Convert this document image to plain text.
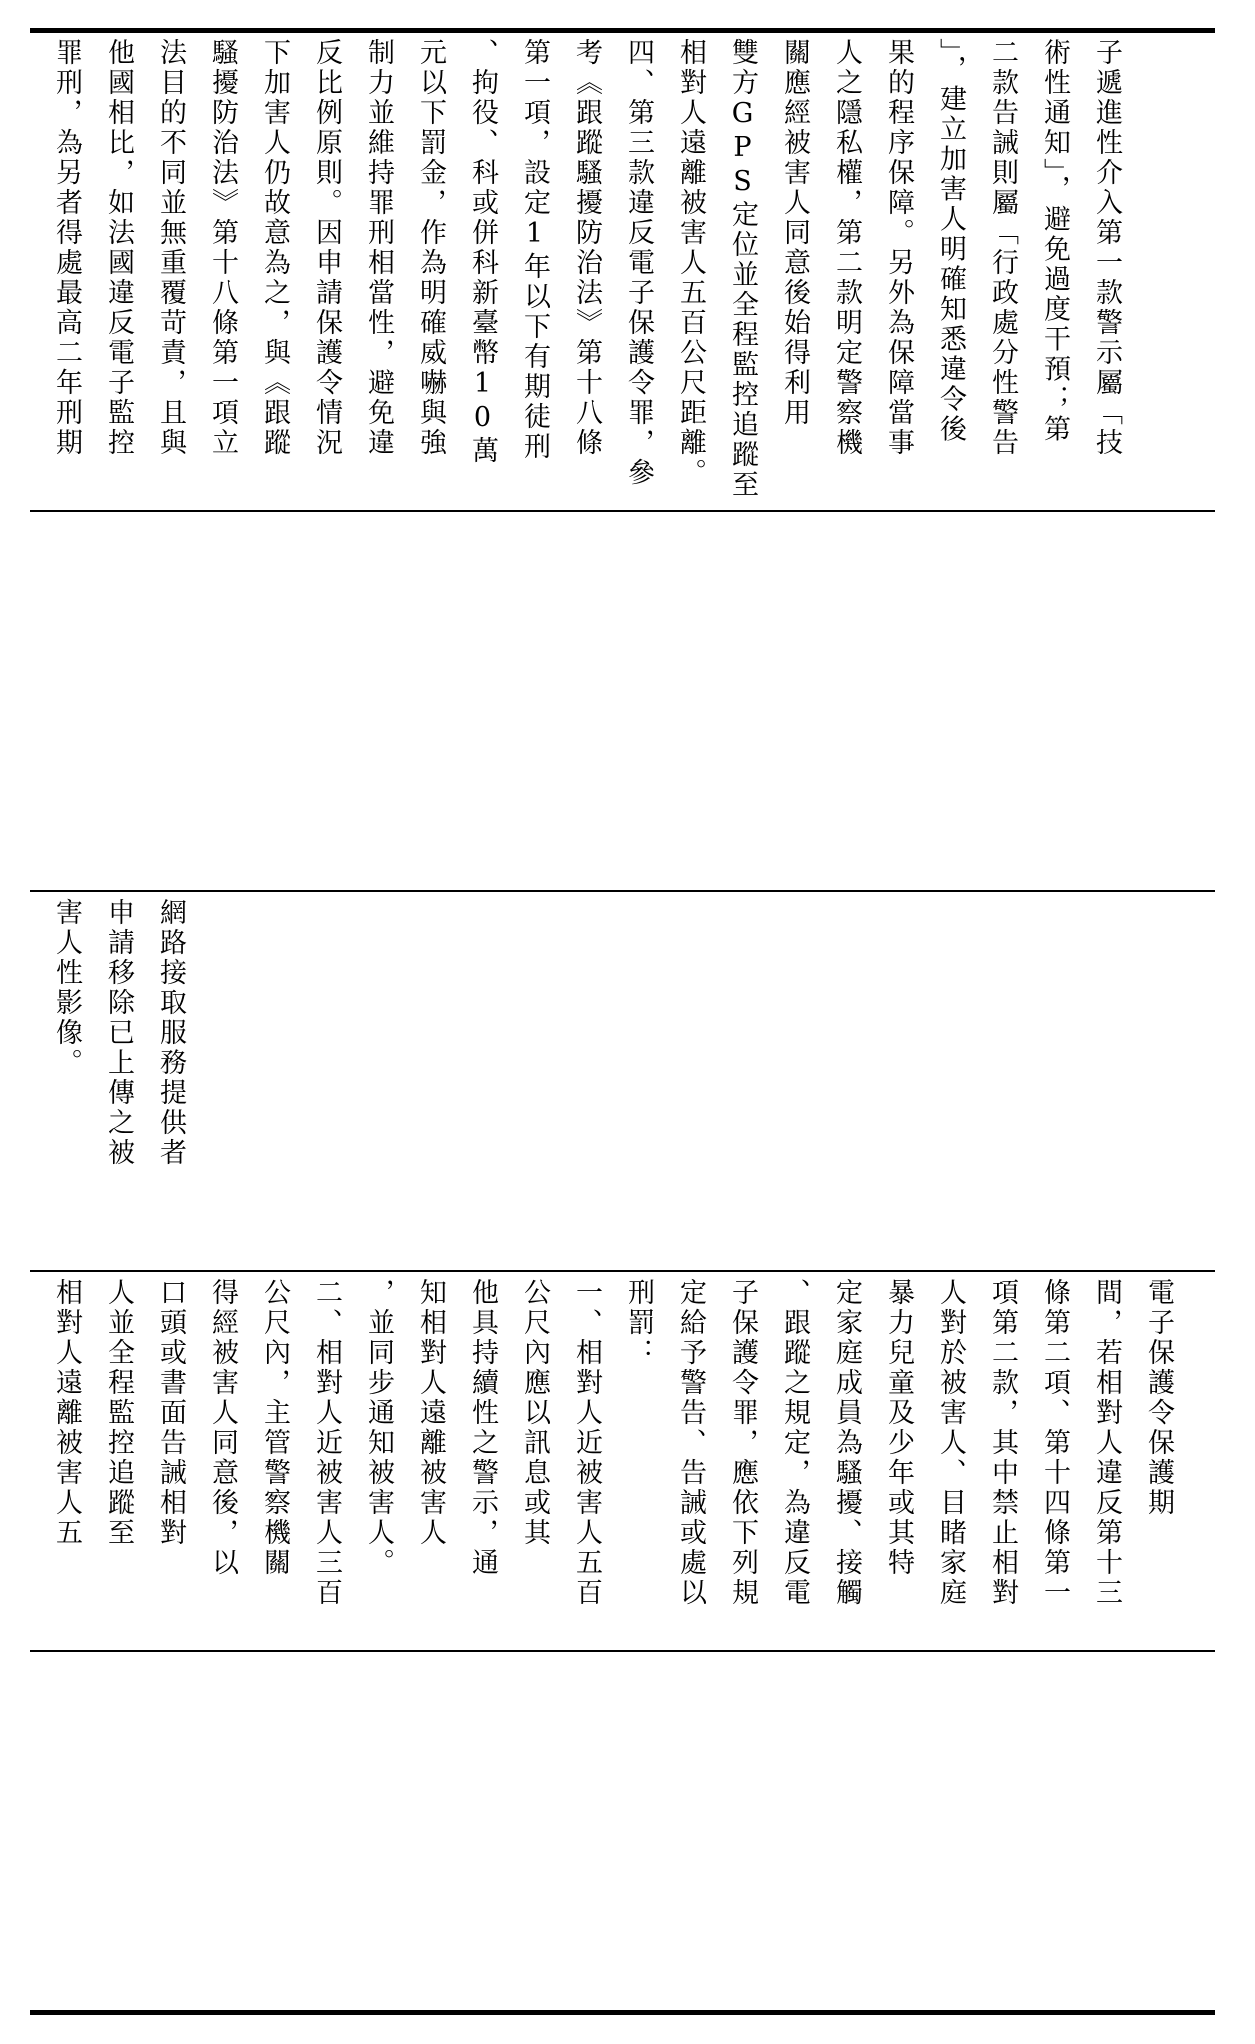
子遞進性介入第一款警示屬「技術性通知」，避免過度干預；第二款告誡則屬「行政處分性警告」，建立加害人明確知悉違令後果的程序保障。另外為保障當事人之隱私權，第二款明定警察機關應經被害人同意後始得利用雙方GPS定位並全程監控追蹤至相對人遠離被害人五百公尺距離。四、第三款違反電子保護令罪，參考《跟蹤騷擾防治法》第十八條第一項，設定1年以下有期徒刑、拘役、科或併科新臺幣10萬元以下罰金，作為明確威嚇與強制力並維持罪刑相當性，避免違反比例原則。因申請保護令情況下加害人仍故意為之，與《跟蹤騷擾防治法》第十八條第一項立法目的不同並無重覆苛責，且與他國相比，如法國違反電子監控罪刑，為另者得處最高二年刑期
網路接取服務提供者申請移除已上傳之被害人性影像。
電子保護令保護期間，若相對人違反第十三條第二項、第十四條第一項第二款，其中禁止相對人對於被害人、目睹家庭暴力兒童及少年或其特定家庭成員為騷擾、接觸、跟蹤之規定，為違反電子保護令罪，應依下列規定給予警告、告誡或處以刑罰：一、相對人近被害人五百公尺內應以訊息或其他具持續性之警示，通知相對人遠離被害人，並同步通知被害人。二、相對人近被害人三百公尺內，主管警察機關得經被害人同意後，以口頭或書面告誡相對人並全程監控追蹤至相對人遠離被害人五
